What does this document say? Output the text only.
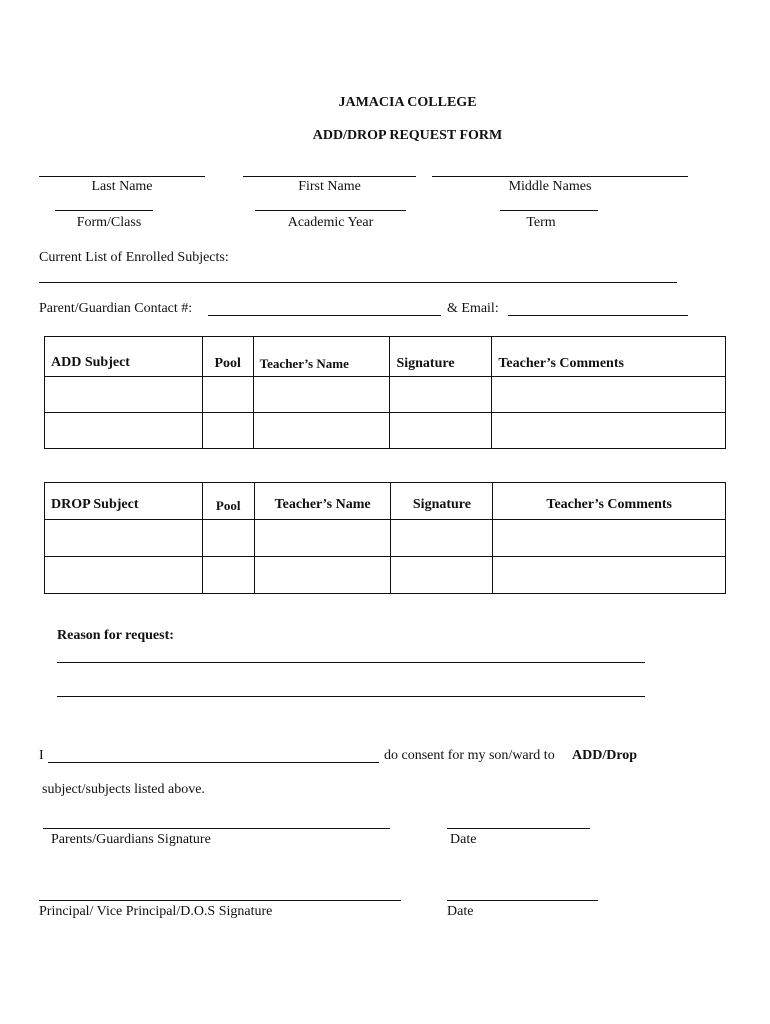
JAMACIA COLLEGE
ADD/DROP REQUEST FORM
Last Name	First Name	Middle Names
Form/Class	Academic Year	Term
Current List of Enrolled Subjects:
Parent/Guardian Contact #:	& Email:
ADD Subject	Pool	Teacher’s Name	Signature	Teacher’s Comments

DROP Subject	Pool	Teacher’s Name	Signature	Teacher’s Comments

Reason for request:
I	do consent for my son/ward to ADD/Drop
subject/subjects listed above.
Parents/Guardians Signature	Date
Principal/ Vice Principal/D.O.S Signature	Date
